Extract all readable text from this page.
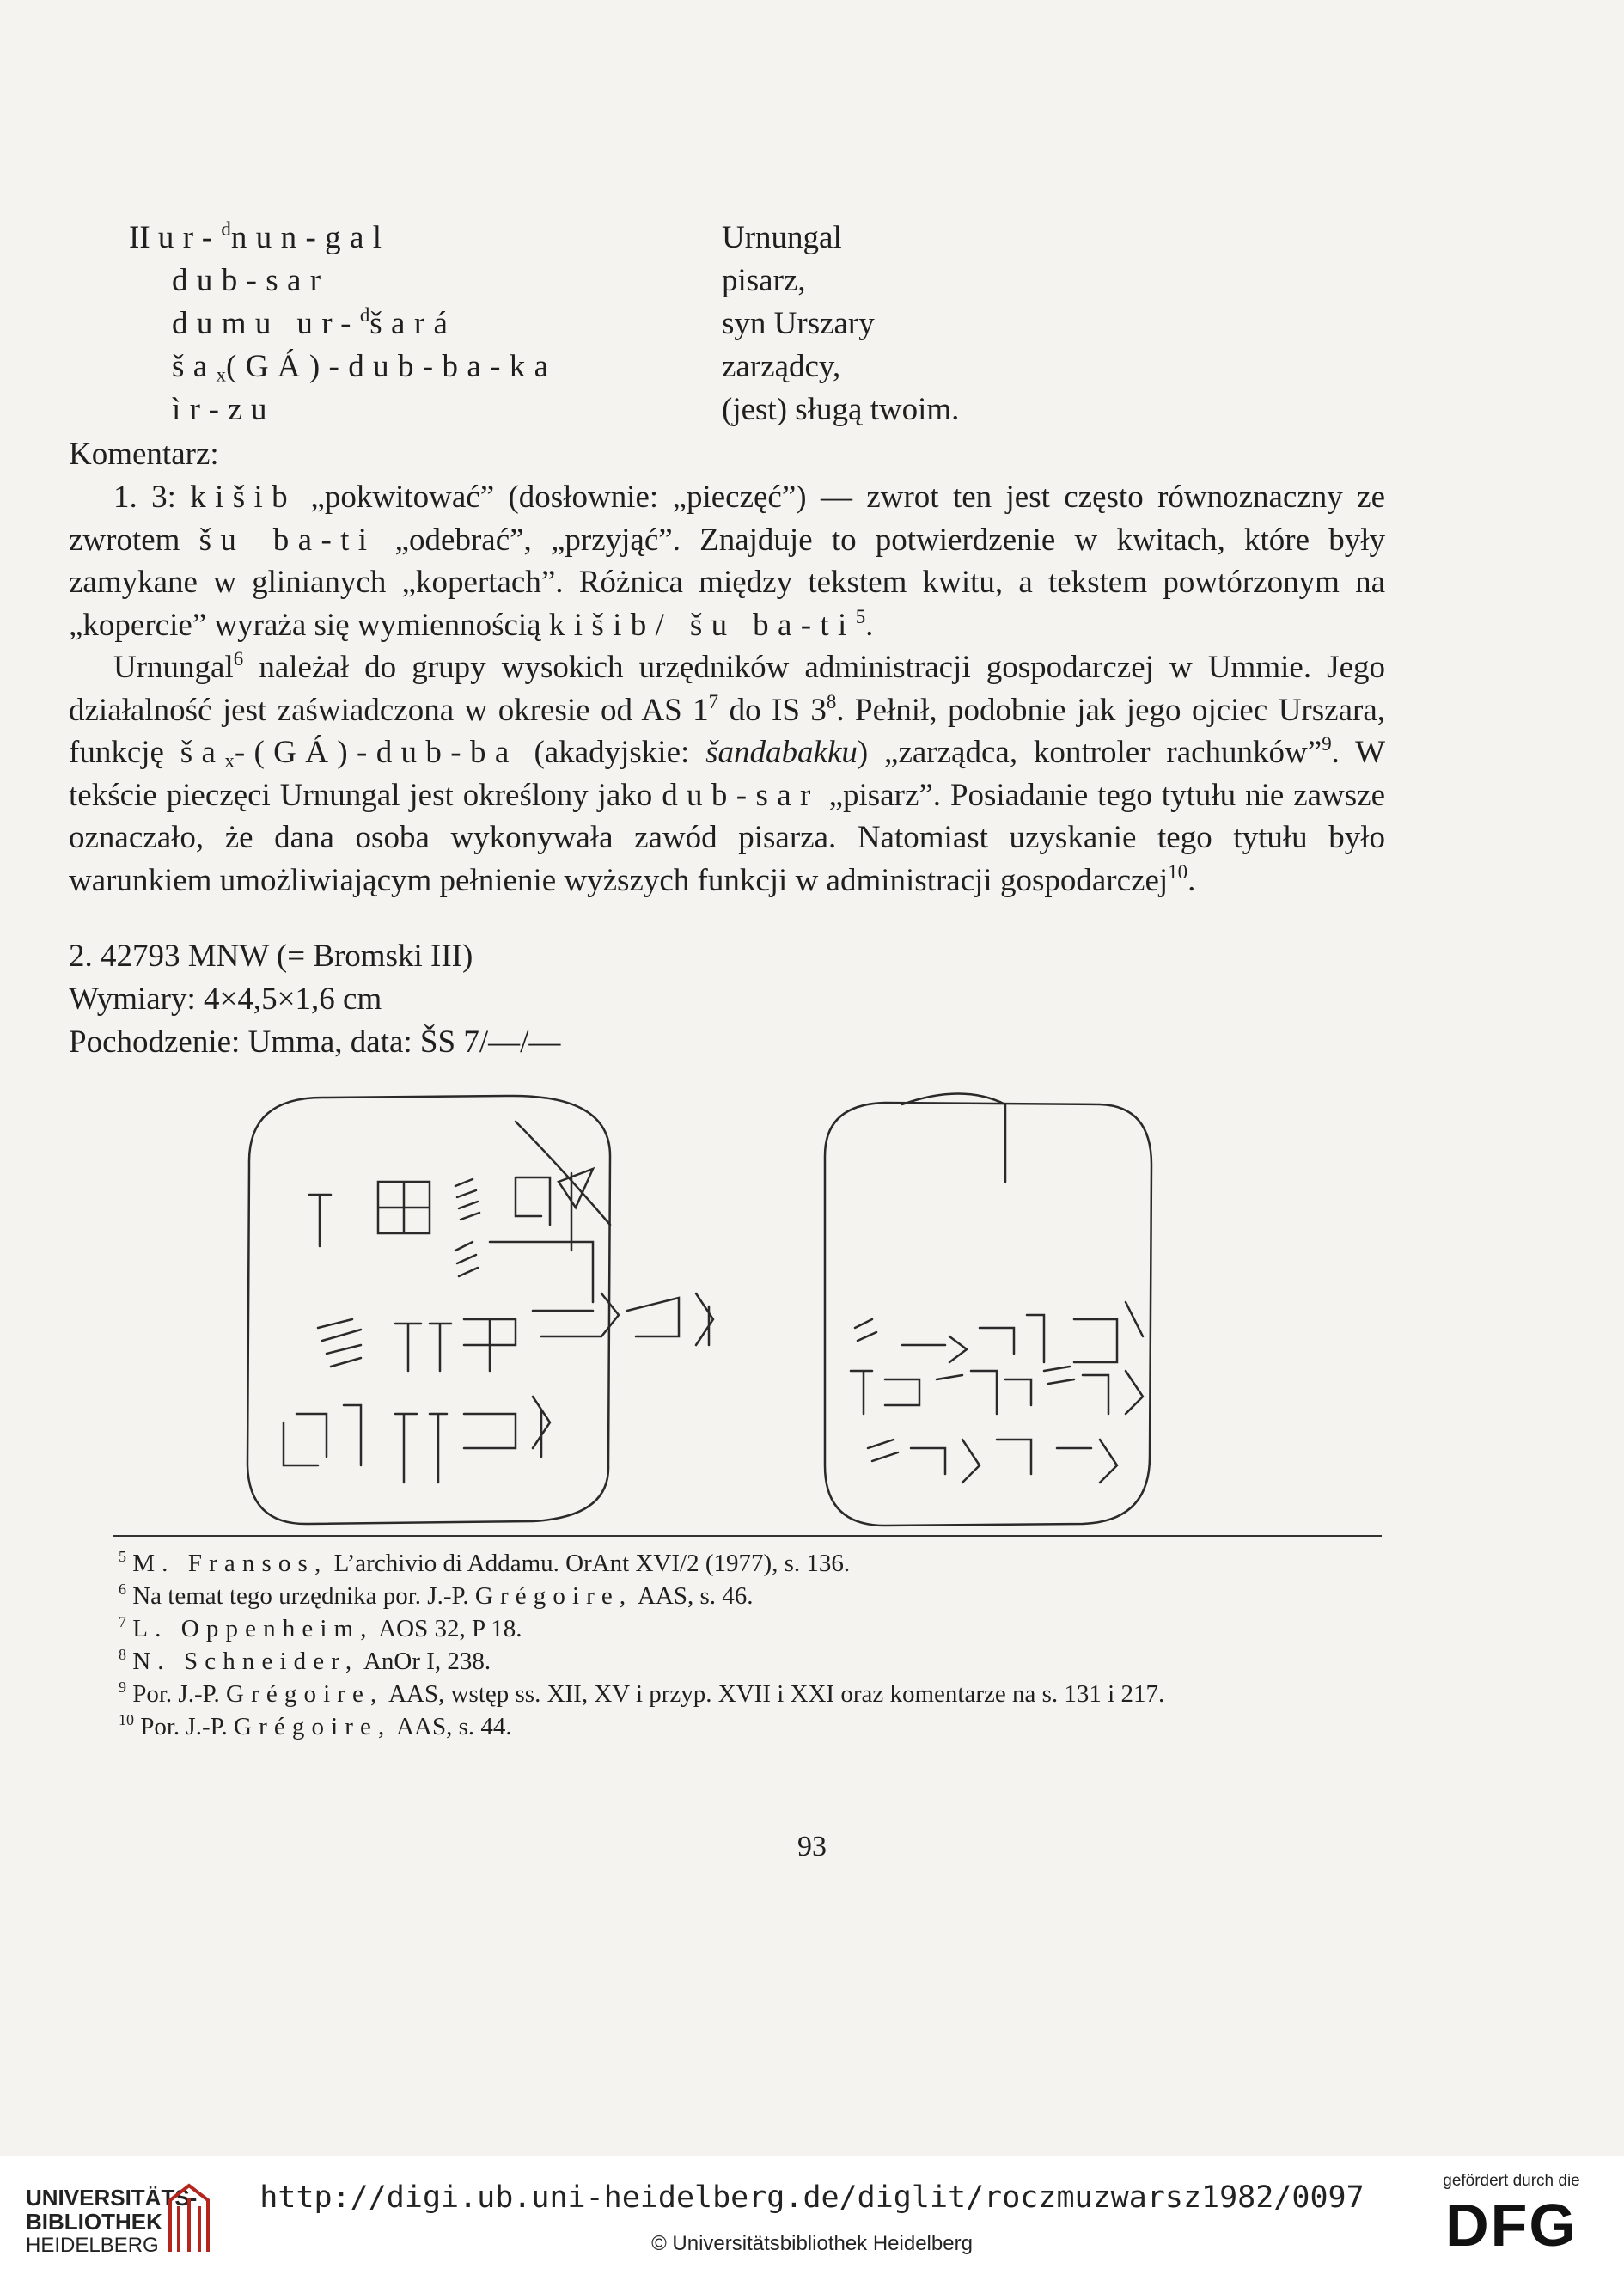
II ur-$^d$nun-gal	Urnungal
dub-sar	pisarz,
dumu ur-$^d$šará	syn Urszary
$ša_x(GÁ)-dub-ba-ka$	zarządcy,
ìr-zu	(jest) sługą twoim.
Komentarz:

1. 3: kišib „pokwitować” (dosłownie: „pieczęć”) — zwrot ten jest często równoznaczny ze zwrotem šu ba-ti „odebrać”, „przyjąć”. Znajduje to potwierdzenie w kwitach, które były zamykane w glinianych „kopertach”. Różnica między tekstem kwitu, a tekstem powtórzonym na „kopercie” wyraża się wymiennością kišib/ šu $ba-ti^5$.

Urnungal$^6$ należał do grupy wysokich urzędników administracji gospodarczej w Ummie. Jego działalność jest zaświadczona w okresie od AS $1^7$ do IS $3^8$. Pełnił, podobnie jak jego ojciec Urszara, funkcję $ša_x-(GÁ)-dub-ba$ (akadyjskie: šandabakku) „zarządca, kontroler rachunków”$^9$. W tekście pieczęci Urnungal jest określony jako dub-sar „pisarz”. Posiadanie tego tytułu nie zawsze oznaczało, że dana osoba wykonywała zawód pisarza. Natomiast uzyskanie tego tytułu było warunkiem umożliwiającym pełnienie wyższych funkcji w administracji gospodarczej$^{10}$.

2. 42793 MNW (= Bromski III)
Wymiary: 4×4,5×1,6 cm
Pochodzenie: Umma, data: ŠS 7/—/—

$^5$ M. Fransos, L’archivio di Addamu. OrAnt XVI/2 (1977), s. 136.

$^6$ Na temat tego urzędnika por. J.-P. Grégoire, AAS, s. 46.

$^7$ L. Oppenheim, AOS 32, P 18.

$^8$ N. Schneider, AnOr I, 238.

$^9$ Por. J.-P. Grégoire, AAS, wstęp ss. XII, XV i przyp. XVII i XXI oraz komentarze na s. 131 i 217.

$^{10}$ Por. J.-P. Grégoire, AAS, s. 44.

93
UNIVERSITÄTS-
BIBLIOTHEK
HEIDELBERG
http://digi.ub.uni-heidelberg.de/diglit/roczmuzwarsz1982/0097
© Universitätsbibliothek Heidelberg
gefördert durch die
DFG
